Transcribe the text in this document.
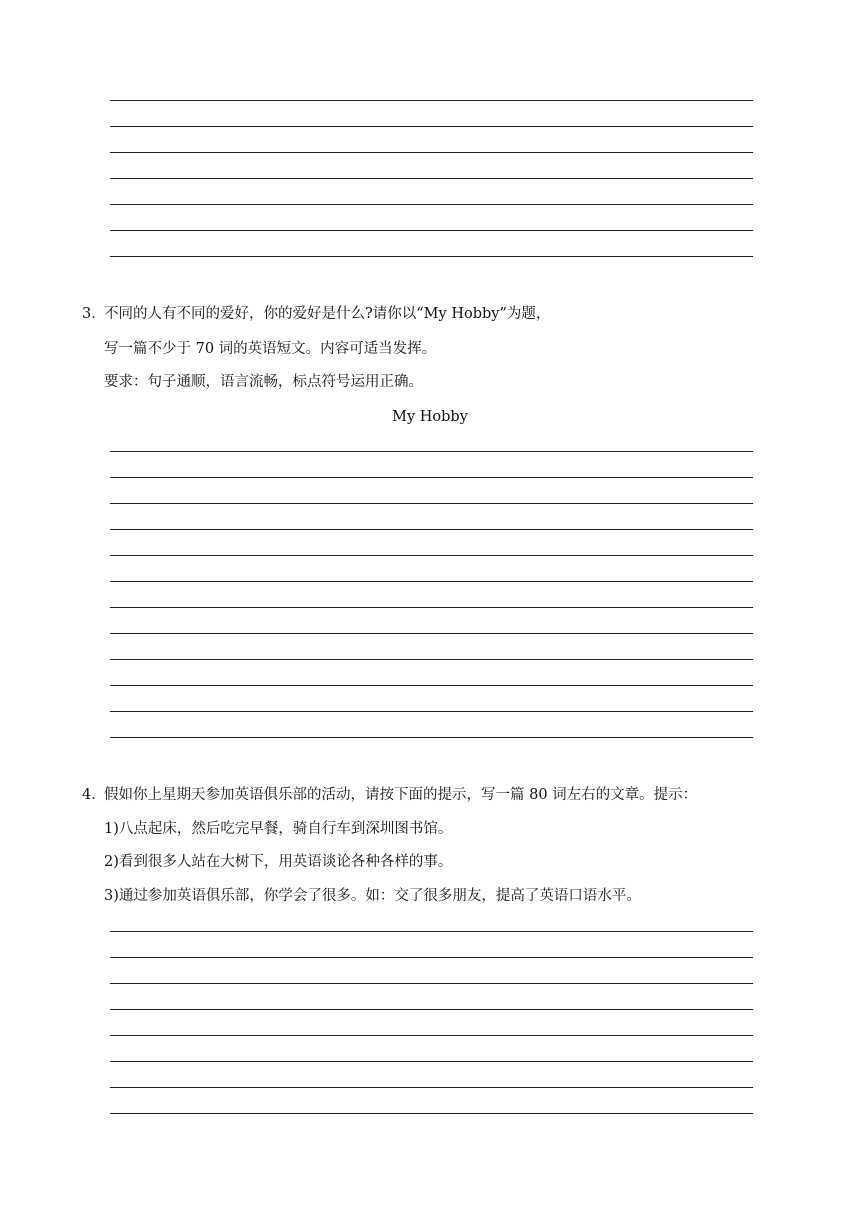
3．
不同的人有不同的爱好，你的爱好是什么?请你以“My Hobby”为题，
写一篇不少于 70 词的英语短文。内容可适当发挥。
要求：句子通顺，语言流畅，标点符号运用正确。
My Hobby
4．
假如你上星期天参加英语俱乐部的活动，请按下面的提示，写一篇 80 词左右的文章。提示：
1)八点起床，然后吃完早餐，骑自行车到深圳图书馆。
2)看到很多人站在大树下，用英语谈论各种各样的事。
3)通过参加英语俱乐部，你学会了很多。如：交了很多朋友，提高了英语口语水平。
